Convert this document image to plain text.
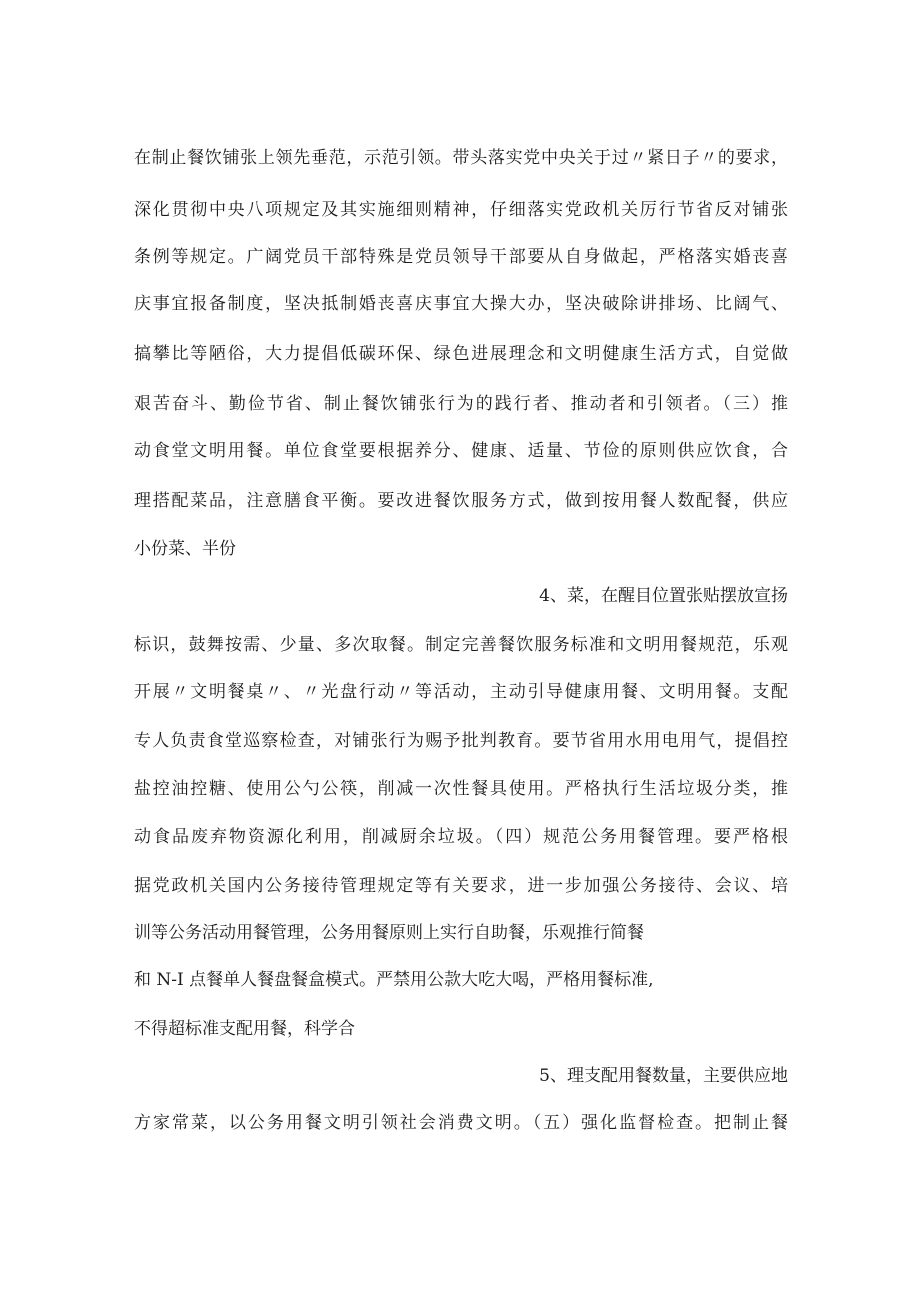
在制止餐饮铺张上领先垂范，示范引领。带头落实党中央关于过〃紧日子〃的要求，
深化贯彻中央八项规定及其实施细则精神，仔细落实党政机关厉行节省反对铺张
条例等规定。广阔党员干部特殊是党员领导干部要从自身做起，严格落实婚丧喜
庆事宜报备制度，坚决抵制婚丧喜庆事宜大操大办，坚决破除讲排场、比阔气、
搞攀比等陋俗，大力提倡低碳环保、绿色进展理念和文明健康生活方式，自觉做
艰苦奋斗、勤俭节省、制止餐饮铺张行为的践行者、推动者和引领者。（三）推
动食堂文明用餐。单位食堂要根据养分、健康、适量、节俭的原则供应饮食，合
理搭配菜品，注意膳食平衡。要改进餐饮服务方式，做到按用餐人数配餐，供应
小份菜、半份
4、菜，在醒目位置张贴摆放宣扬
标识，鼓舞按需、少量、多次取餐。制定完善餐饮服务标准和文明用餐规范，乐观
开展〃文明餐桌〃、〃光盘行动〃等活动，主动引导健康用餐、文明用餐。支配
专人负责食堂巡察检查，对铺张行为赐予批判教育。要节省用水用电用气，提倡控
盐控油控糖、使用公勺公筷，削减一次性餐具使用。严格执行生活垃圾分类，推
动食品废弃物资源化利用，削减厨余垃圾。（四）规范公务用餐管理。要严格根
据党政机关国内公务接待管理规定等有关要求，进一步加强公务接待、会议、培
训等公务活动用餐管理，公务用餐原则上实行自助餐，乐观推行简餐
和 N-I 点餐单人餐盘餐盒模式。严禁用公款大吃大喝，严格用餐标准,
不得超标准支配用餐，科学合
5、理支配用餐数量，主要供应地
方家常菜，以公务用餐文明引领社会消费文明。（五）强化监督检查。把制止餐
